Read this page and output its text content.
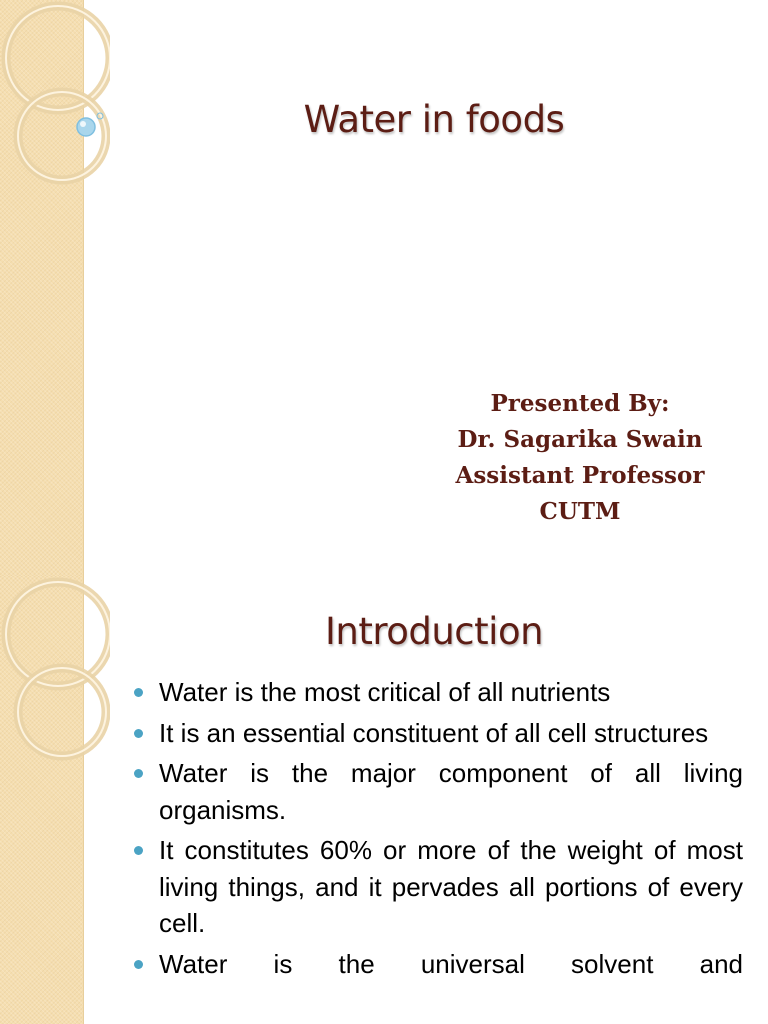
Water in foods
Presented By:
Dr. Sagarika Swain
Assistant Professor
CUTM
Introduction
Water is the most critical of all nutrients
It is an essential constituent of all cell structures
Water is the major component of all living organisms.
It constitutes 60% or more of the weight of most living things, and it pervades all portions of every cell.
Water is the universal solvent and
